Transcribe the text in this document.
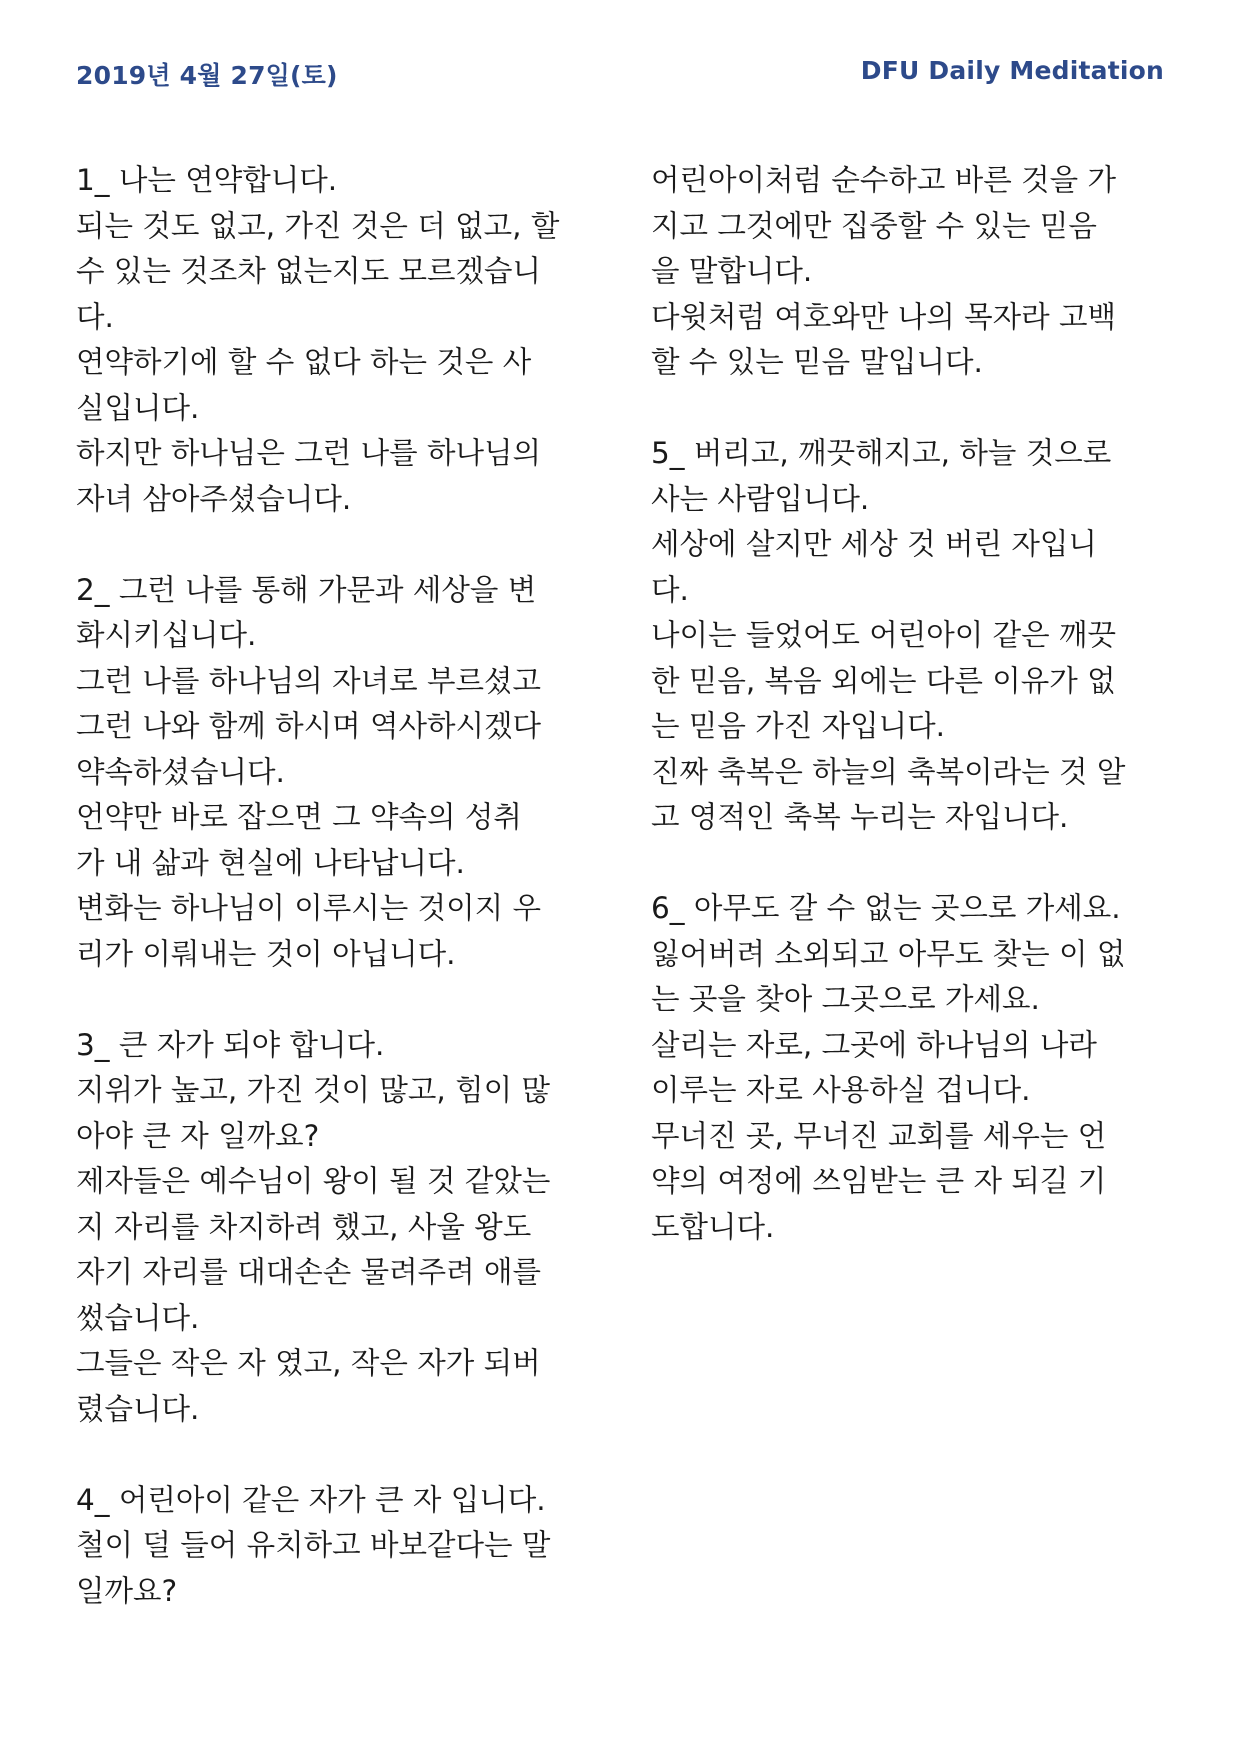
2019년 4월 27일(토)	DFU Daily Meditation
1_ 나는 연약합니다.
되는 것도 없고, 가진 것은 더 없고, 할
수 있는 것조차 없는지도 모르겠습니
다.
연약하기에 할 수 없다 하는 것은 사
실입니다.
하지만 하나님은 그런 나를 하나님의
자녀 삼아주셨습니다.
2_ 그런 나를 통해 가문과 세상을 변
화시키십니다.
그런 나를 하나님의 자녀로 부르셨고
그런 나와 함께 하시며 역사하시겠다
약속하셨습니다.
언약만 바로 잡으면 그 약속의 성취
가 내 삶과 현실에 나타납니다.
변화는 하나님이 이루시는 것이지 우
리가 이뤄내는 것이 아닙니다.
3_ 큰 자가 되야 합니다.
지위가 높고, 가진 것이 많고, 힘이 많
아야 큰 자 일까요?
제자들은 예수님이 왕이 될 것 같았는
지 자리를 차지하려 했고, 사울 왕도
자기 자리를 대대손손 물려주려 애를
썼습니다.
그들은 작은 자 였고, 작은 자가 되버
렸습니다.
4_ 어린아이 같은 자가 큰 자 입니다.
철이 덜 들어 유치하고 바보같다는 말
일까요?
어린아이처럼 순수하고 바른 것을 가
지고 그것에만 집중할 수 있는 믿음
을 말합니다.
다윗처럼 여호와만 나의 목자라 고백
할 수 있는 믿음 말입니다.
5_ 버리고, 깨끗해지고, 하늘 것으로
사는 사람입니다.
세상에 살지만 세상 것 버린 자입니
다.
나이는 들었어도 어린아이 같은 깨끗
한 믿음, 복음 외에는 다른 이유가 없
는 믿음 가진 자입니다.
진짜 축복은 하늘의 축복이라는 것 알
고 영적인 축복 누리는 자입니다.
6_ 아무도 갈 수 없는 곳으로 가세요.
잃어버려 소외되고 아무도 찾는 이 없
는 곳을 찾아 그곳으로 가세요.
살리는 자로, 그곳에 하나님의 나라
이루는 자로 사용하실 겁니다.
무너진 곳, 무너진 교회를 세우는 언
약의 여정에 쓰임받는 큰 자 되길 기
도합니다.
